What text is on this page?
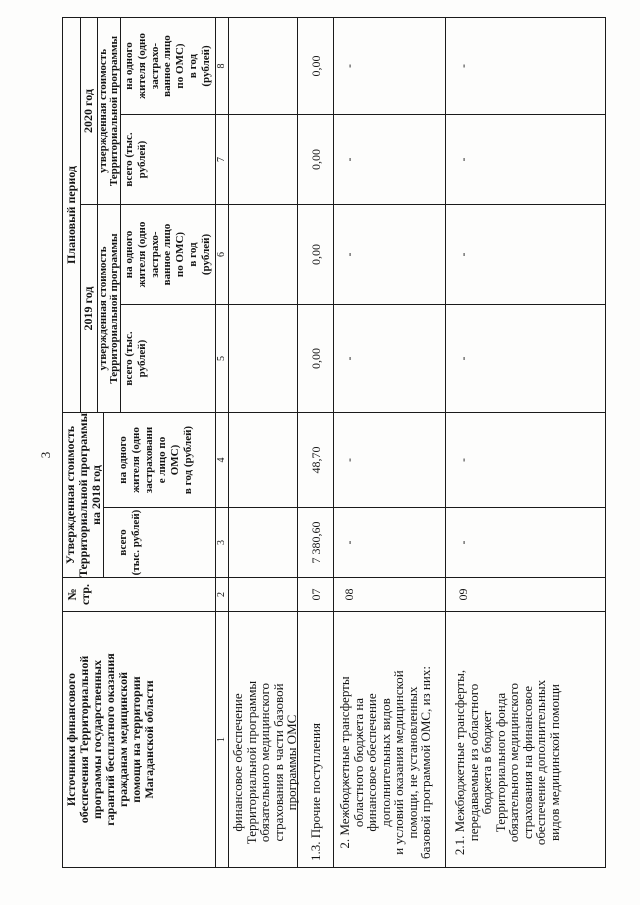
3
Источники финансового
обеспечения Территориальной
программы государственных
гарантий бесплатного оказания
гражданам медицинской
помощи на территории
Магаданской области
№
стр.
Утвержденная стоимость
Территориальной программы
на 2018 год
всего
(тыс. рублей)
на одного
жителя (одно
застраховани
е лицо по
ОМС)
в год (рублей)
Плановый период
2019 год
2020 год
утвержденная стоимость
Территориальной программы
утвержденная стоимость
Территориальной программы
всего (тыс.
рублей)
на одного
жителя (одно
застрахо-
ванное лицо
по ОМС)
в год
(рублей)
всего (тыс.
рублей)
на одного
жителя (одно
застрахо-
ванное лицо
по ОМС)
в год
(рублей)
1
2
3
4
5
6
7
8
финансовое обеспечение
Территориальной программы
обязательного медицинского
страхования в части базовой
программы ОМС 1.3. Прочие поступления
07
7 380,60
48,70
0,00
0,00
0,00
0,00
2. Межбюджетные трансферты
областного бюджета на
финансовое обеспечение
дополнительных видов
и условий оказания медицинской
помощи, не установленных
базовой программой ОМС, из них:
08
-
-
-
-
-
-
2.1. Межбюджетные трансферты,
передаваемые из областного
бюджета в бюджет
Территориального фонда
обязательного медицинского
страхования на финансовое
обеспечение дополнительных
видов медицинской помощи
09
-
-
-
-
-
-
